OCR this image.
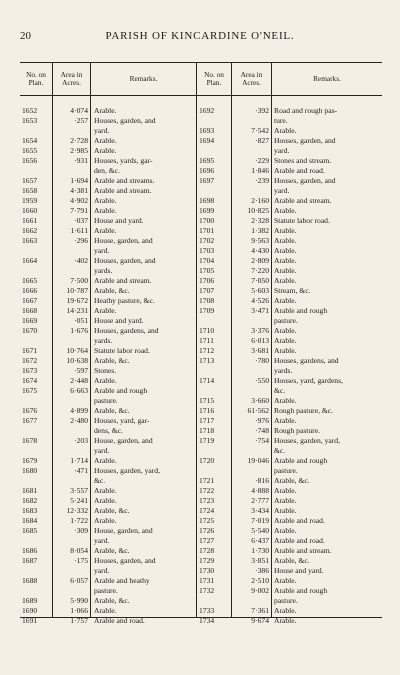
20	PARISH OF KINCARDINE O'NEIL.
No. on
Plan.
Area in
Acres.	Remarks.
1652	4·074 Arable.
1653	·257 Houses, garden, and
yard.
1654	2·728 Arable.
1655	2·985 Arable.
1656	·931 Houses, yards, gar-
den, &c.
1657	1·694 Arable and streams.
1658	4·381 Arable and stream.
1959	4·902 Arable.
1660	7·791 Arable.
1661	·037 House and yard.
1662	1·611 Arable.
1663	·296 House, garden, and
yard.
1664	·402 Houses, garden, and
yards.
1665	7·500 Arable and stream.
1666	10·787 Arable, &c.
1667	19·672 Heathy pasture, &c.
1668	14·231 Arable.
1669	·051 House and yard.
1670	1·676 Houses, gardens, and
yards.
1671	10·764 Statute labor road.
1672	10·638 Arable, &c.
1673	·597 Stones.
1674	2·448 Arable.
1675	6·663 Arable and rough
pasture.
1676	4·899 Arable, &c.
1677	2·480 Houses, yard, gar-
dens, &c.
1678	·203 House, garden, and
yard.
1679	1·714 Arable.
1680	·471 Houses, garden, yard,
&c.
1681	3·557 Arable.
1682	5·241 Arable.
1683	12·332 Arable, &c.
1684	1·722 Arable.
1685	·309 House, garden, and
yard.
1686	8·054 Arable, &c.
1687	·175 Houses, garden, and
yard.
1688	6·057 Arable and heathy
pasture.
1689	5·990 Arable, &c.
1690	1·066 Arable.
1691	1·757 Arable and road.
No. on
Plan.
Area in
Acres.	Remarks.
1692	·392 Road and rough pas-
ture.
1693	7·542 Arable.
1694	·827 Houses, garden, and
yard.
1695	·229 Stones and stream.
1696	1·846 Arable and road.
1697	·239 Houses, garden, and
yard.
1698	2·160 Arable and stream.
1699	10·825 Arable.
1700	2·328 Statute labor road.
1701	1·382 Arable.
1702	9·563 Arable.
1703	4·430 Arable.
1704	2·809 Arable.
1705	7·220 Arable.
1706	7·050 Arable.
1707	5·603 Stream, &c.
1708	4·526 Arable.
1709	3·471 Arable and rough
pasture.
1710	3·376 Arable.
1711	6·013 Arable.
1712	3·681 Arable.
1713	·780 Houses, gardens, and
yards.
1714	·550 Houses, yard, gardens,
&c.
1715	3·660 Arable.
1716	61·562 Rough pasture, &c.
1717	·976 Arable.
1718	·748 Rough pasture.
1719	·754 Houses, garden, yard,
&c.
1720	19·046 Arable and rough
pasture.
1721	·816 Arable, &c.
1722	4·888 Arable.
1723	2·777 Arable.
1724	3·434 Arable.
1725	7·019 Arable and road.
1726	5·540 Arable.
1727	6·437 Arable and road.
1728	1·730 Arable and stream.
1729	3·851 Arable, &c.
1730	·386 House and yard.
1731	2·510 Arable.
1732	9·002 Arable and rough
pasture.
1733	7·361 Arable.
1734	9·674 Arable.
